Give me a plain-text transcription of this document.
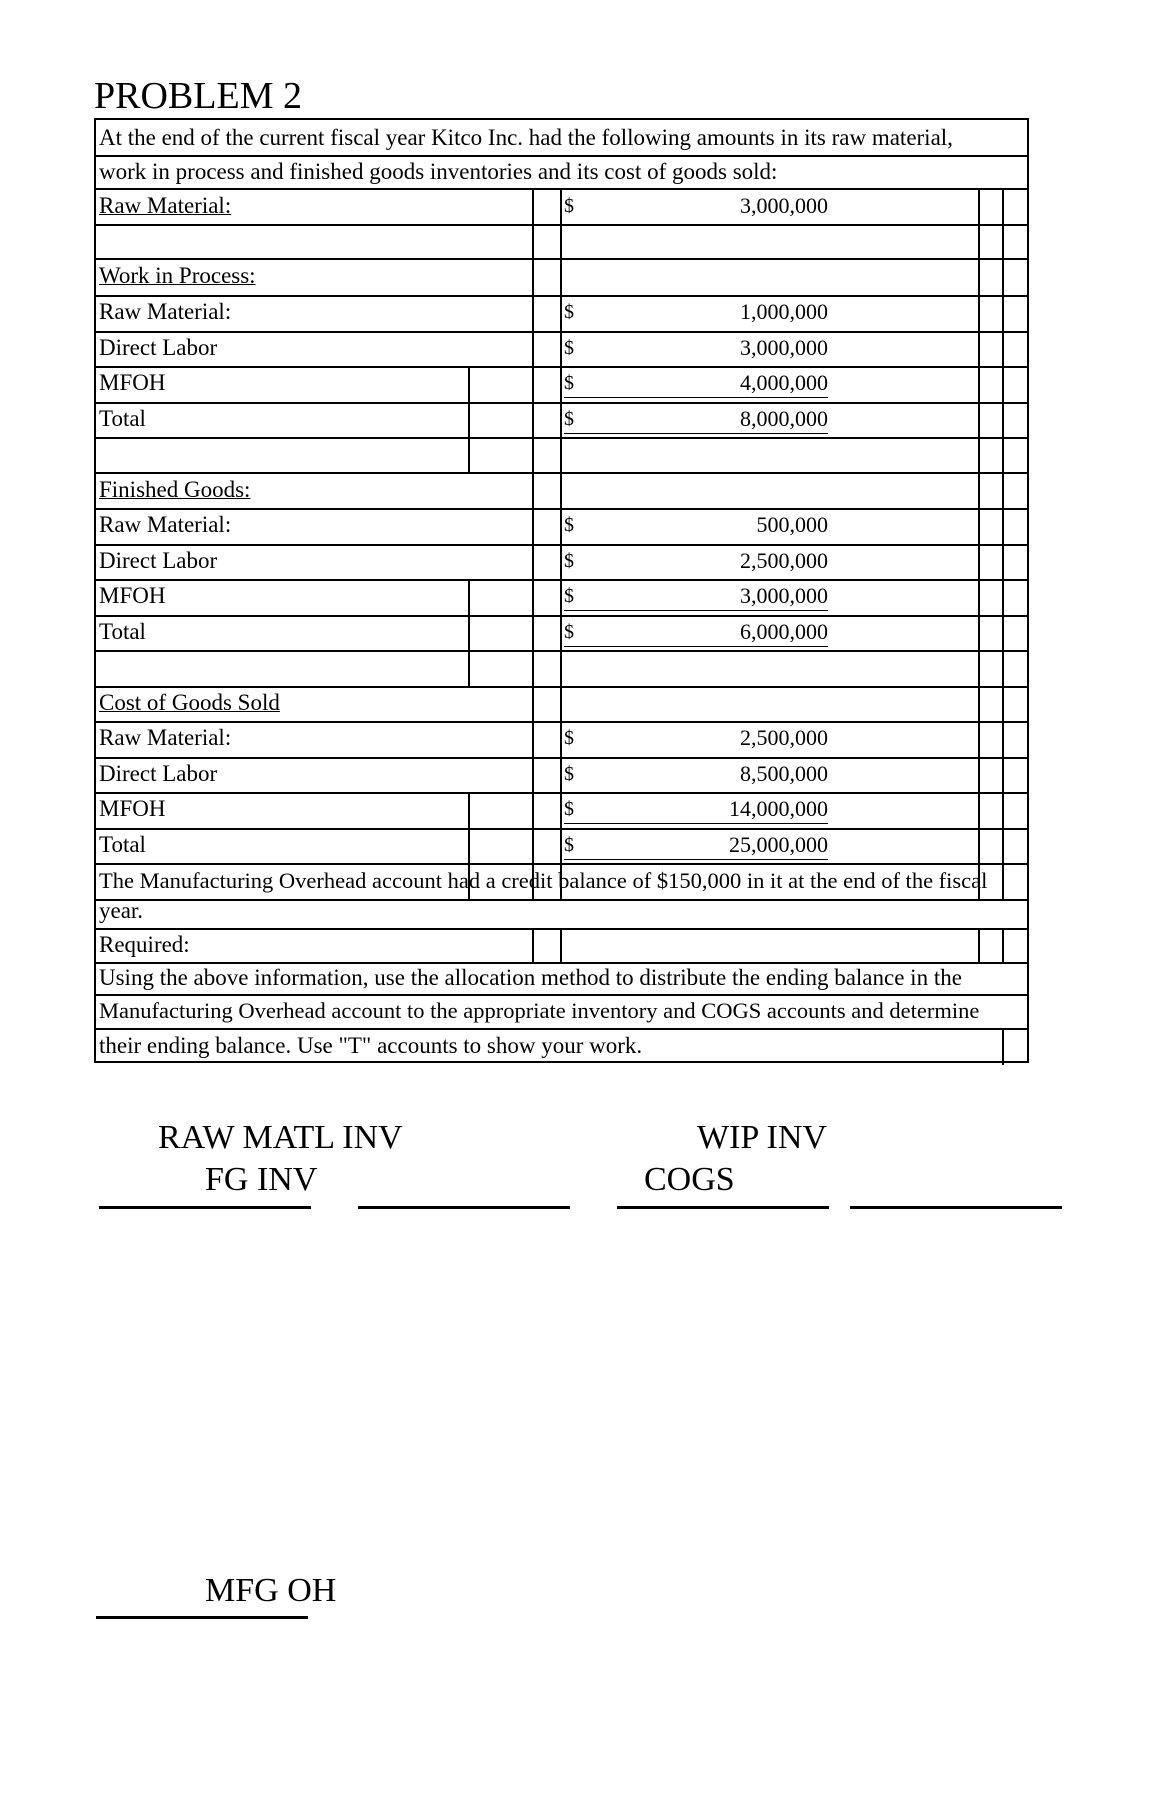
PROBLEM 2
At the end of the current fiscal year Kitco Inc. had the following amounts in its raw material,
work in process and finished goods inventories and its cost of goods sold:
Raw Material:	$	3,000,000
Work in Process:
Raw Material:	$	1,000,000
Direct Labor	$	3,000,000
MFOH	$	4,000,000
Total	$	8,000,000
Finished Goods:
Raw Material:	$	500,000
Direct Labor	$	2,500,000
MFOH	$	3,000,000
Total	$	6,000,000
Cost of Goods Sold
Raw Material:	$	2,500,000
Direct Labor	$	8,500,000
MFOH	$	14,000,000
Total	$	25,000,000
The Manufacturing Overhead account had a credit balance of $150,000 in it at the end of the fiscal
year.
Required:
Using the above information, use the allocation method to distribute the ending balance in the
Manufacturing Overhead account to the appropriate inventory and COGS accounts and determine
their ending balance. Use "T" accounts to show your work.
RAW MATL INV	WIP INV
FG INV	COGS
MFG OH
